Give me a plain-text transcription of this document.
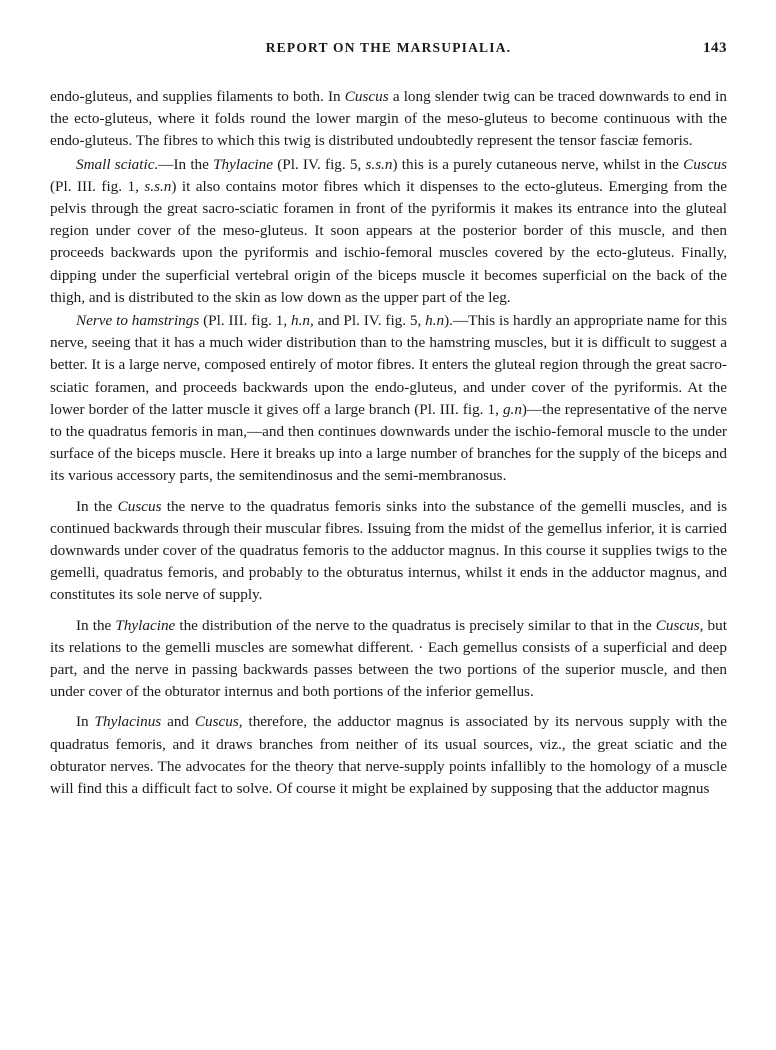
REPORT ON THE MARSUPIALIA.	143

endo-gluteus, and supplies filaments to both. In Cuscus a long slender twig can be traced downwards to end in the ecto-gluteus, where it folds round the lower margin of the meso-gluteus to become continuous with the endo-gluteus. The fibres to which this twig is distributed undoubtedly represent the tensor fasciæ femoris.

Small sciatic.—In the Thylacine (Pl. IV. fig. 5, s.s.n) this is a purely cutaneous nerve, whilst in the Cuscus (Pl. III. fig. 1, s.s.n) it also contains motor fibres which it dispenses to the ecto-gluteus. Emerging from the pelvis through the great sacro-sciatic foramen in front of the pyriformis it makes its entrance into the gluteal region under cover of the meso-gluteus. It soon appears at the posterior border of this muscle, and then proceeds backwards upon the pyriformis and ischio-femoral muscles covered by the ecto-gluteus. Finally, dipping under the superficial vertebral origin of the biceps muscle it becomes superficial on the back of the thigh, and is distributed to the skin as low down as the upper part of the leg.

Nerve to hamstrings (Pl. III. fig. 1, h.n, and Pl. IV. fig. 5, h.n).—This is hardly an appropriate name for this nerve, seeing that it has a much wider distribution than to the hamstring muscles, but it is difficult to suggest a better. It is a large nerve, composed entirely of motor fibres. It enters the gluteal region through the great sacro-sciatic foramen, and proceeds backwards upon the endo-gluteus, and under cover of the pyriformis. At the lower border of the latter muscle it gives off a large branch (Pl. III. fig. 1, g.n)—the representative of the nerve to the quadratus femoris in man,—and then continues downwards under the ischio-femoral muscle to the under surface of the biceps muscle. Here it breaks up into a large number of branches for the supply of the biceps and its various accessory parts, the semitendinosus and the semi-membranosus.

In the Cuscus the nerve to the quadratus femoris sinks into the substance of the gemelli muscles, and is continued backwards through their muscular fibres. Issuing from the midst of the gemellus inferior, it is carried downwards under cover of the quadratus femoris to the adductor magnus. In this course it supplies twigs to the gemelli, quadratus femoris, and probably to the obturatus internus, whilst it ends in the adductor magnus, and constitutes its sole nerve of supply.

In the Thylacine the distribution of the nerve to the quadratus is precisely similar to that in the Cuscus, but its relations to the gemelli muscles are somewhat different. · Each gemellus consists of a superficial and deep part, and the nerve in passing backwards passes between the two portions of the superior muscle, and then under cover of the obturator internus and both portions of the inferior gemellus.

In Thylacinus and Cuscus, therefore, the adductor magnus is associated by its nervous supply with the quadratus femoris, and it draws branches from neither of its usual sources, viz., the great sciatic and the obturator nerves. The advocates for the theory that nerve-supply points infallibly to the homology of a muscle will find this a difficult fact to solve. Of course it might be explained by supposing that the adductor magnus
